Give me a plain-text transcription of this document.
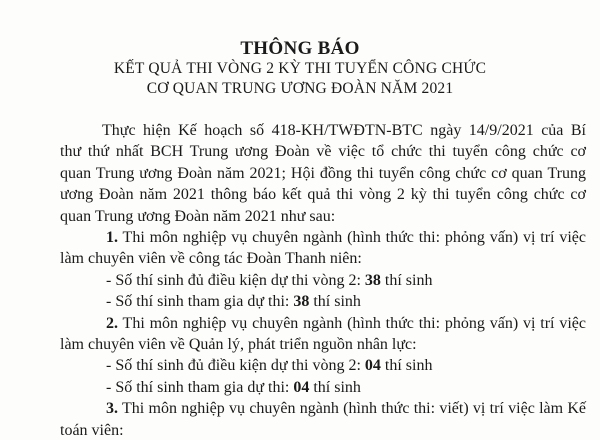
THÔNG BÁO
KẾT QUẢ THI VÒNG 2 KỲ THI TUYỂN CÔNG CHỨC
CƠ QUAN TRUNG ƯƠNG ĐOÀN NĂM 2021
Thực hiện Kế hoạch số 418-KH/TWĐTN-BTC ngày 14/9/2021 của Bí
thư thứ nhất BCH Trung ương Đoàn về việc tổ chức thi tuyển công chức cơ
quan Trung ương Đoàn năm 2021; Hội đồng thi tuyển công chức cơ quan Trung
ương Đoàn năm 2021 thông báo kết quả thi vòng 2 kỳ thi tuyển công chức cơ
quan Trung ương Đoàn năm 2021 như sau:
1. Thi môn nghiệp vụ chuyên ngành (hình thức thi: phỏng vấn) vị trí việc
làm chuyên viên về công tác Đoàn Thanh niên:
- Số thí sinh đủ điều kiện dự thi vòng 2: 38 thí sinh
- Số thí sinh tham gia dự thi: 38 thí sinh
2. Thi môn nghiệp vụ chuyên ngành (hình thức thi: phỏng vấn) vị trí việc
làm chuyên viên về Quản lý, phát triển nguồn nhân lực:
- Số thí sinh đủ điều kiện dự thi vòng 2: 04 thí sinh
- Số thí sinh tham gia dự thi: 04 thí sinh
3. Thi môn nghiệp vụ chuyên ngành (hình thức thi: viết) vị trí việc làm Kế
toán viên:
